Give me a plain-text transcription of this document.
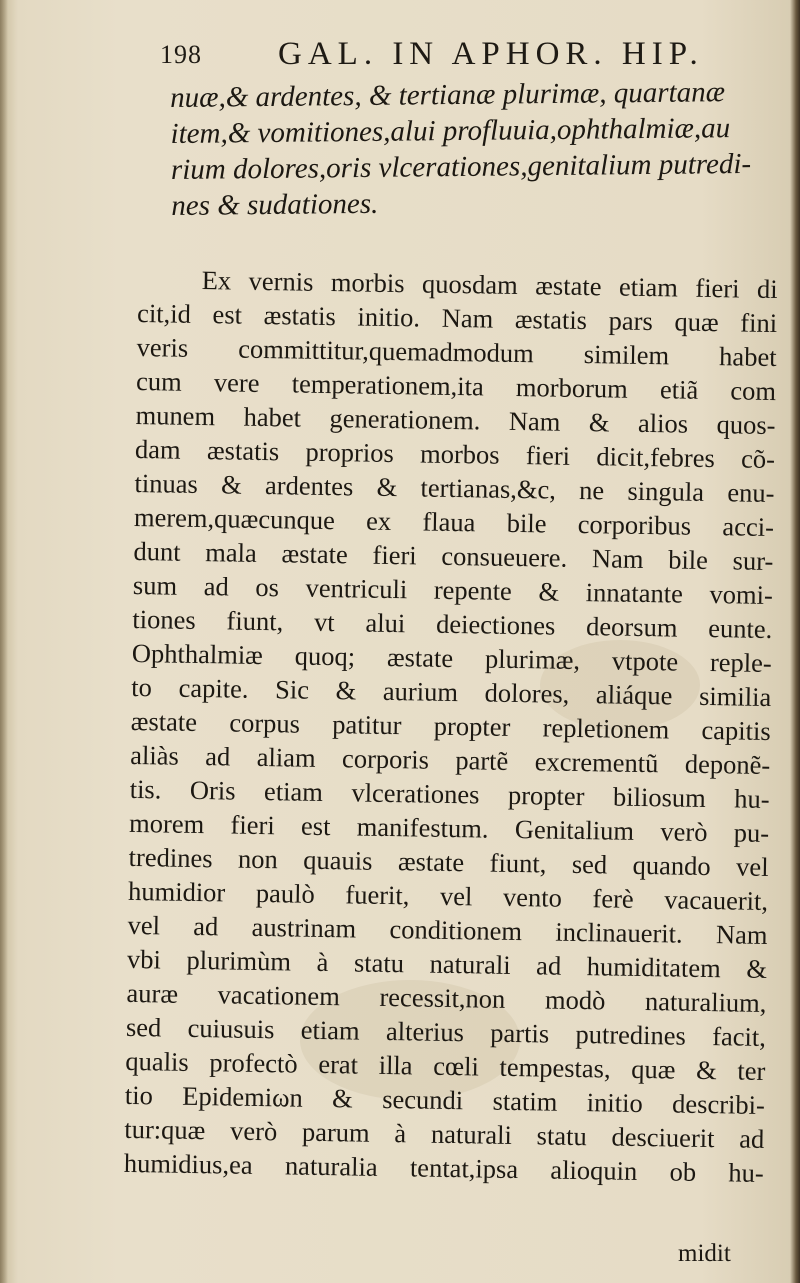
198 GAL. IN APHOR. HIP.
nuæ,& ardentes, & tertianæ plurimæ, quartanæ
item,& vomitiones,alui profluuia,ophthalmiæ,au
rium dolores,oris vlcerationes,genitalium putredi-
nes & sudationes.
Ex vernis morbis quosdam æstate etiam fieri di
cit,id est æstatis initio. Nam æstatis pars quæ fini
veris committitur,quemadmodum similem habet
cum vere temperationem,ita morborum etiã com
munem habet generationem. Nam & alios quos-
dam æstatis proprios morbos fieri dicit,febres cõ-
tinuas & ardentes & tertianas,&c, ne singula enu-
merem,quæcunque ex flaua bile corporibus acci-
dunt mala æstate fieri consueuere. Nam bile sur-
sum ad os ventriculi repente & innatante vomi-
tiones fiunt, vt alui deiectiones deorsum eunte.
Ophthalmiæ quoq; æstate plurimæ, vtpote reple-
to capite. Sic & aurium dolores, aliáque similia
æstate corpus patitur propter repletionem capitis
aliàs ad aliam corporis partẽ excrementũ deponẽ-
tis. Oris etiam vlcerationes propter biliosum hu-
morem fieri est manifestum. Genitalium verò pu-
tredines non quauis æstate fiunt, sed quando vel
humidior paulò fuerit, vel vento ferè vacauerit,
vel ad austrinam conditionem inclinauerit. Nam
vbi plurimùm à statu naturali ad humiditatem &
auræ vacationem recessit,non modò naturalium,
sed cuiusuis etiam alterius partis putredines facit,
qualis profectò erat illa cœli tempestas, quæ & ter
tio Epidemiωn & secundi statim initio describi-
tur:quæ verò parum à naturali statu desciuerit ad
humidius,ea naturalia tentat,ipsa alioquin ob hu-
midit
